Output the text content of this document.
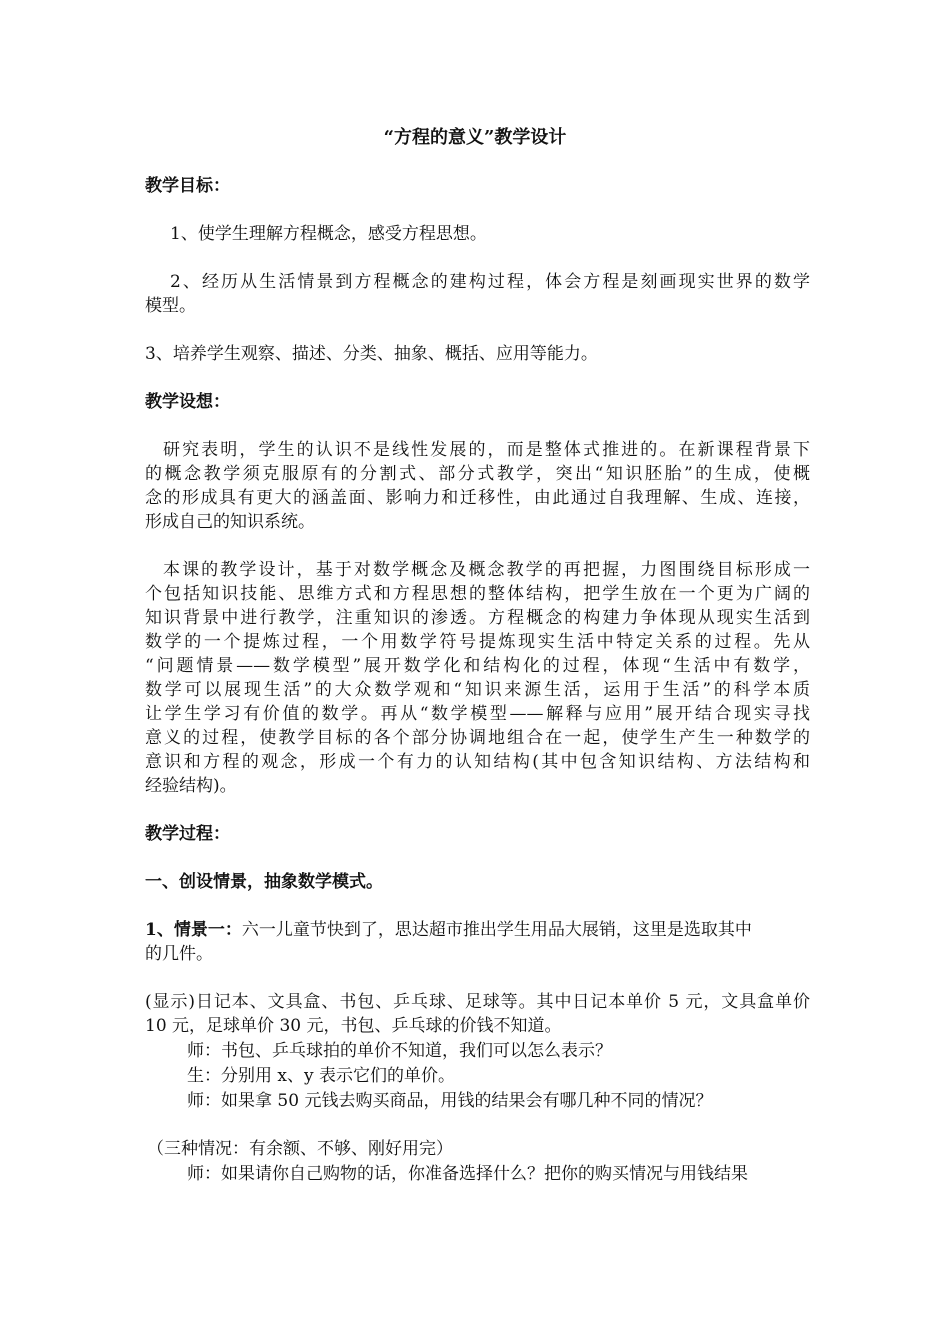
“方程的意义”教学设计
教学目标：
1、使学生理解方程概念，感受方程思想。
2、经历从生活情景到方程概念的建构过程，体会方程是刻画现实世界的数学
模型。
3、培养学生观察、描述、分类、抽象、概括、应用等能力。
教学设想：
研究表明，学生的认识不是线性发展的，而是整体式推进的。在新课程背景下
的概念教学须克服原有的分割式、部分式教学，突出“知识胚胎”的生成，使概
念的形成具有更大的涵盖面、影响力和迁移性，由此通过自我理解、生成、连接，
形成自己的知识系统。
本课的教学设计，基于对数学概念及概念教学的再把握，力图围绕目标形成一
个包括知识技能、思维方式和方程思想的整体结构，把学生放在一个更为广阔的
知识背景中进行教学，注重知识的渗透。方程概念的构建力争体现从现实生活到
数学的一个提炼过程，一个用数学符号提炼现实生活中特定关系的过程。先从
“问题情景——数学模型”展开数学化和结构化的过程，体现“生活中有数学，
数学可以展现生活”的大众数学观和“知识来源生活，运用于生活”的科学本质
让学生学习有价值的数学。再从“数学模型——解释与应用”展开结合现实寻找
意义的过程，使教学目标的各个部分协调地组合在一起，使学生产生一种数学的
意识和方程的观念，形成一个有力的认知结构(其中包含知识结构、方法结构和
经验结构)。
教学过程：
一、创设情景，抽象数学模式。
1、情景一：六一儿童节快到了，思达超市推出学生用品大展销，这里是选取其中
的几件。
(显示)日记本、文具盒、书包、乒乓球、足球等。其中日记本单价 5 元，文具盒单价
10 元，足球单价 30 元，书包、乒乓球的价钱不知道。
师：书包、乒乓球拍的单价不知道，我们可以怎么表示？
生：分别用 x、y 表示它们的单价。
师：如果拿 50 元钱去购买商品，用钱的结果会有哪几种不同的情况？
（三种情况：有余额、不够、刚好用完）
师：如果请你自己购物的话，你准备选择什么？把你的购买情况与用钱结果
